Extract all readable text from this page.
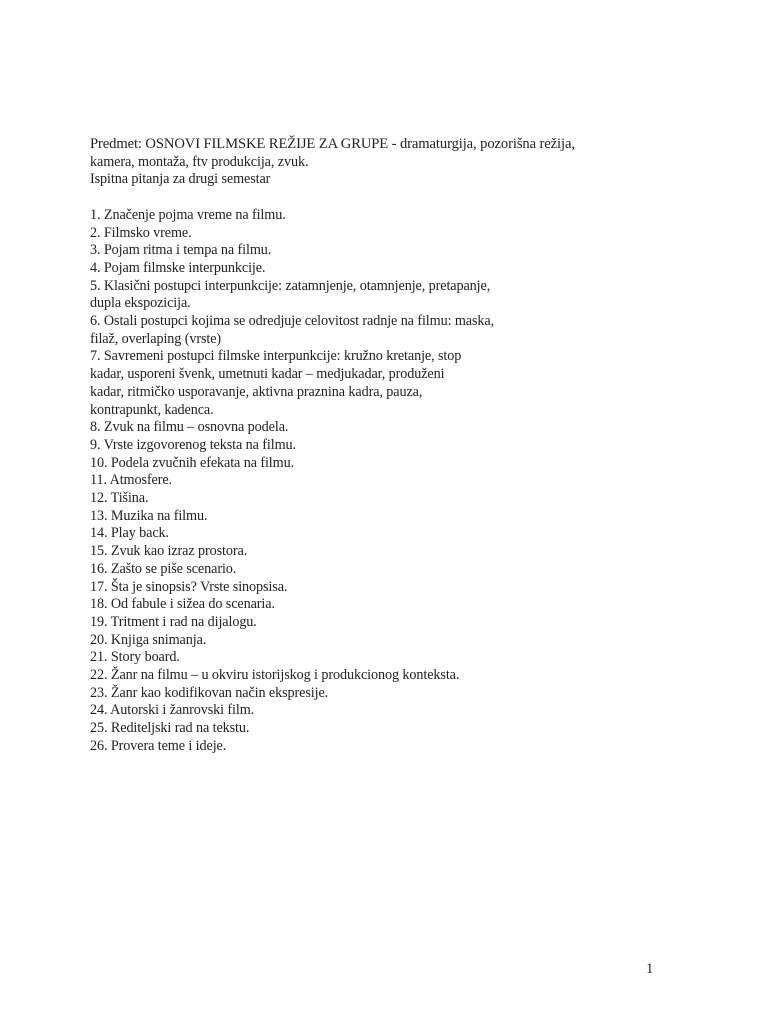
Predmet: OSNOVI FILMSKE REŽIJE ZA GRUPE - dramaturgija, pozorišna režija,
kamera, montaža, ftv produkcija, zvuk.
Ispitna pitanja za drugi semestar
1. Značenje pojma vreme na filmu.
2. Filmsko vreme.
3. Pojam ritma i tempa na filmu.
4. Pojam filmske interpunkcije.
5. Klasični postupci interpunkcije: zatamnjenje, otamnjenje, pretapanje,
dupla ekspozicija.
6. Ostali postupci kojima se odredjuje celovitost radnje na filmu: maska,
filaž, overlaping (vrste)
7. Savremeni postupci filmske interpunkcije: kružno kretanje, stop
kadar, usporeni švenk, umetnuti kadar – medjukadar, produženi
kadar, ritmičko usporavanje, aktivna praznina kadra, pauza,
kontrapunkt, kadenca.
8. Zvuk na filmu – osnovna podela.
9. Vrste izgovorenog teksta na filmu.
10. Podela zvučnih efekata na filmu.
11. Atmosfere.
12. Tišina.
13. Muzika na filmu.
14. Play back.
15. Zvuk kao izraz prostora.
16. Zašto se piše scenario.
17. Šta je sinopsis? Vrste sinopsisa.
18. Od fabule i sižea do scenaria.
19. Tritment i rad na dijalogu.
20. Knjiga snimanja.
21. Story board.
22. Žanr na filmu – u okviru istorijskog i produkcionog konteksta.
23. Žanr kao kodifikovan način ekspresije.
24. Autorski i žanrovski film.
25. Rediteljski rad na tekstu.
26. Provera teme i ideje.
1
